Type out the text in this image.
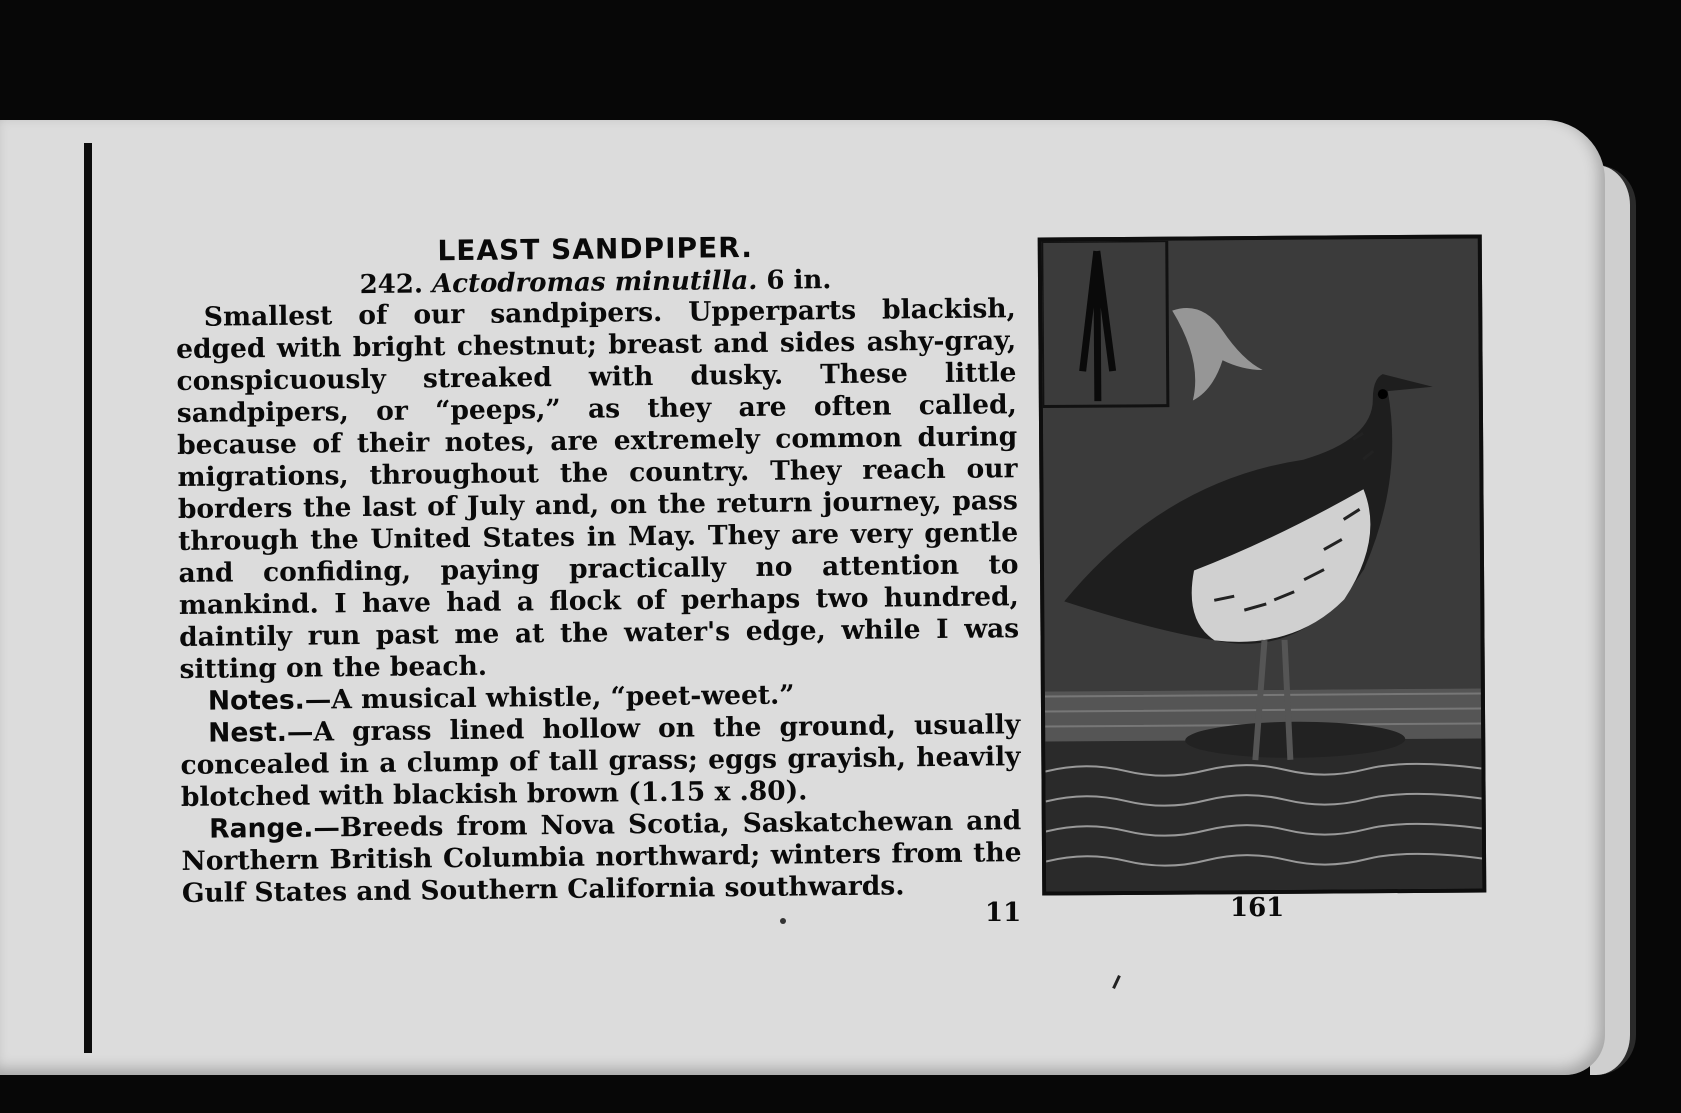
LEAST SANDPIPER.
242. Actodromas minutilla. 6 in.

Smallest of our sandpipers. Upperparts blackish, edged with bright chestnut; breast and sides ashy-gray, conspicuously streaked with dusky. These little sandpipers, or “peeps,” as they are often called, because of their notes, are extremely common during migrations, throughout the country. They reach our borders the last of July and, on the return journey, pass through the United States in May. They are very gentle and confiding, paying practically no attention to mankind. I have had a flock of perhaps two hundred, daintily run past me at the water's edge, while I was sitting on the beach.

Notes.—A musical whistle, “peet-weet.”

Nest.—A grass lined hollow on the ground, usually concealed in a clump of tall grass; eggs grayish, heavily blotched with blackish brown (1.15 x .80).

Range.—Breeds from Nova Scotia, Saskatchewan and Northern British Columbia northward; winters from the Gulf States and Southern California southwards.

11	161
